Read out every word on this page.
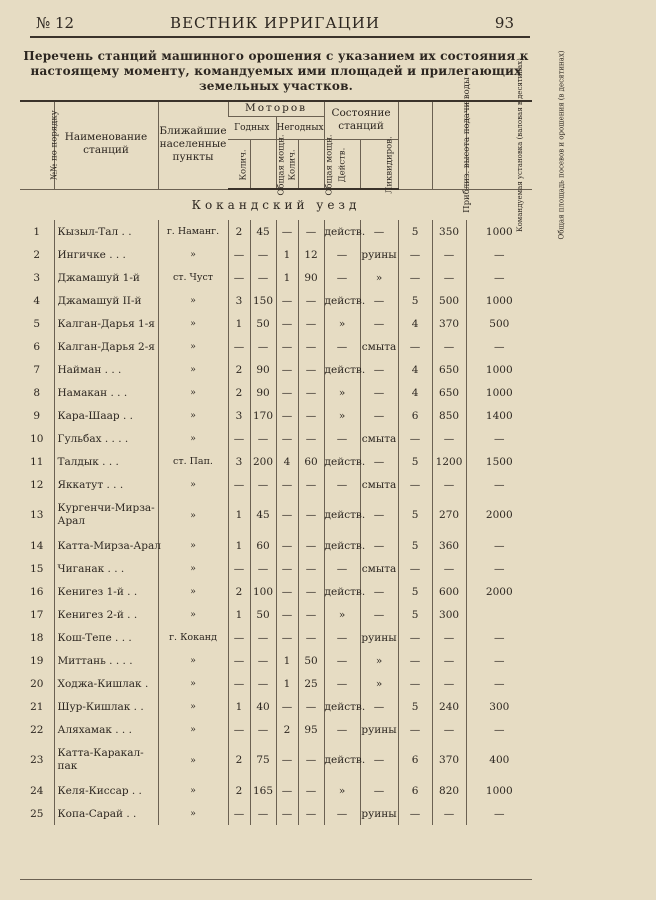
№ 12	ВЕСТНИК ИРРИГАЦИИ	93
Перечень станций машинного орошения с указанием их состояния к настоящему моменту, командуемых ими площадей и прилегающих земельных участков.
№№ по порядку	Наименование станций	Ближайшие населенные пункты	Моторов				Состояние станций		Приблиз. высота подачи воды	Командуемая установка (валовая в десятинах)	Общая площадь посевов и орошения (в десятинах)
			Годных		Негодных						
			Колич.	Общая мощн.	Колич.	Общая мощн.	Действ.	Ликвидиров.			
Кокандский уезд											
1	Кызыл-Тал . .	г. Наманг.	2	45	—	—	действ.	—	5	350	1000
2	Ингичке . . .	»	—	—	1	12	—	руины	—	—	—
3	Джамашуй 1-й	ст. Чуст	—	—	1	90	—	»	—	—	—
4	Джамашуй II-й	»	3	150	—	—	действ.	—	5	500	1000
5	Калган-Дарья 1-я	»	1	50	—	—	»	—	4	370	500
6	Калган-Дарья 2-я	»	—	—	—	—	—	смыта	—	—	—
7	Найман . . .	»	2	90	—	—	действ.	—	4	650	1000
8	Намакан . . .	»	2	90	—	—	»	—	4	650	1000
9	Кара-Шаар . .	»	3	170	—	—	»	—	6	850	1400
10	Гульбах . . . .	»	—	—	—	—	—	смыта	—	—	—
11	Талдык . . .	ст. Пап.	3	200	4	60	действ.	—	5	1200	1500
12	Яккатут . . .	»	—	—	—	—	—	смыта	—	—	—
13	Кургенчи-Мирза-Арал	»	1	45	—	—	действ.	—	5	270	2000
14	Катта-Мирза-Арал	»	1	60	—	—	действ.	—	5	360	—
15	Чиганак . . .	»	—	—	—	—	—	смыта	—	—	—
16	Кенигез 1-й . .	»	2	100	—	—	действ.	—	5	600	2000
17	Кенигез 2-й . .	»	1	50	—	—	»	—	5	300	
18	Кош-Тепе . . .	г. Коканд	—	—	—	—	—	руины	—	—	—
19	Миттань . . . .	»	—	—	1	50	—	»	—	—	—
20	Ходжа-Кишлак .	»	—	—	1	25	—	»	—	—	—
21	Шур-Кишлак . .	»	1	40	—	—	действ.	—	5	240	300
22	Аляхамак . . .	»	—	—	2	95	—	руины	—	—	—
23	Катта-Каракал-пак	»	2	75	—	—	действ.	—	6	370	400
24	Келя-Киссар . .	»	2	165	—	—	»	—	6	820	1000
25	Копа-Сарай . .	»	—	—	—	—	—	руины	—	—	—
